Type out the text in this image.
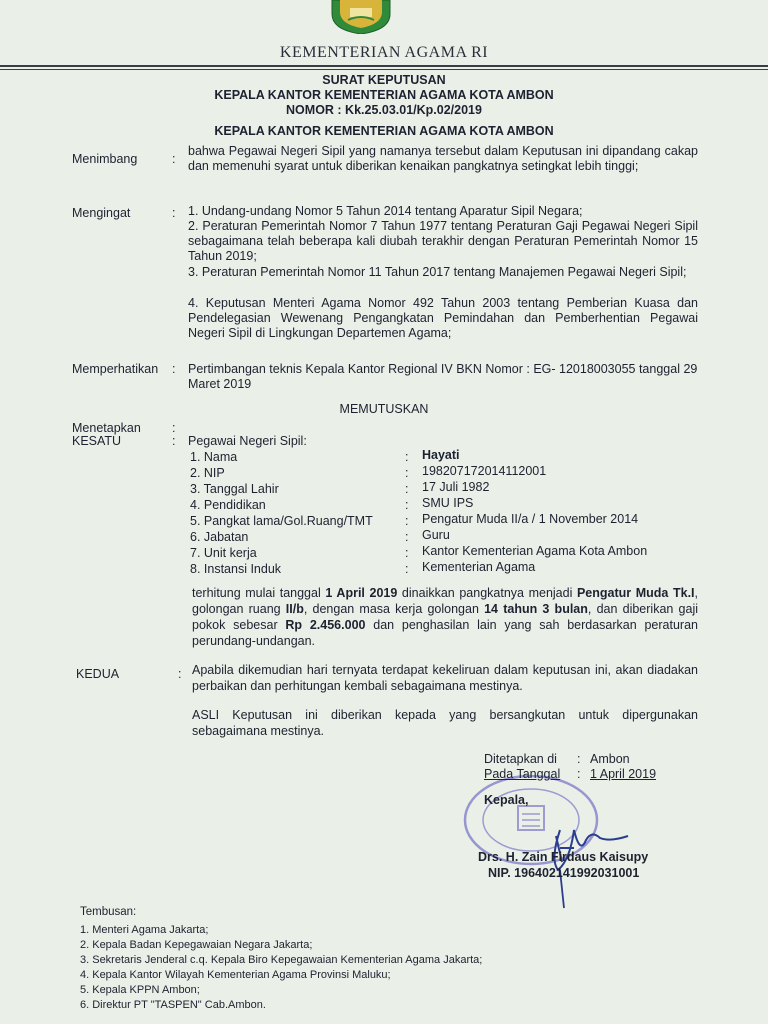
KEMENTERIAN AGAMA RI
SURAT KEPUTUSAN
KEPALA KANTOR KEMENTERIAN AGAMA KOTA AMBON
NOMOR : Kk.25.03.01/Kp.02/2019
KEPALA KANTOR KEMENTERIAN AGAMA KOTA AMBON
Menimbang	:
bahwa Pegawai Negeri Sipil yang namanya tersebut dalam Keputusan ini dipandang cakap dan memenuhi syarat untuk diberikan kenaikan pangkatnya setingkat lebih tinggi;
Mengingat	: 1. Undang-undang Nomor 5 Tahun 2014 tentang Aparatur Sipil Negara;
2. Peraturan Pemerintah Nomor 7 Tahun 1977 tentang Peraturan Gaji Pegawai Negeri Sipil sebagaimana telah beberapa kali diubah terakhir dengan Peraturan Pemerintah Nomor 15 Tahun 2019;
3. Peraturan Pemerintah Nomor 11 Tahun 2017 tentang Manajemen Pegawai Negeri Sipil;
4. Keputusan Menteri Agama Nomor 492 Tahun 2003 tentang Pemberian Kuasa dan Pendelegasian Wewenang Pengangkatan Pemindahan dan Pemberhentian Pegawai Negeri Sipil di Lingkungan Departemen Agama;
Memperhatikan : Pertimbangan teknis Kepala Kantor Regional IV BKN Nomor : EG- 12018003055 tanggal 29 Maret 2019
MEMUTUSKAN
Menetapkan :
KESATU	: Pegawai Negeri Sipil:
1. Nama	: Hayati
2. NIP	: 198207172014112001
3. Tanggal Lahir	: 17 Juli 1982
4. Pendidikan	: SMU IPS
5. Pangkat lama/Gol.Ruang/TMT	: Pengatur Muda II/a / 1 November 2014
6. Jabatan	: Guru
7. Unit kerja	: Kantor Kementerian Agama Kota Ambon
8. Instansi Induk	: Kementerian Agama
terhitung mulai tanggal 1 April 2019 dinaikkan pangkatnya menjadi Pengatur Muda Tk.I, golongan ruang II/b, dengan masa kerja golongan 14 tahun 3 bulan, dan diberikan gaji pokok sebesar Rp 2.456.000 dan penghasilan lain yang sah berdasarkan peraturan perundang-undangan.
KEDUA	: Apabila dikemudian hari ternyata terdapat kekeliruan dalam keputusan ini, akan diadakan perbaikan dan perhitungan kembali sebagaimana mestinya.
ASLI Keputusan ini diberikan kepada yang bersangkutan untuk dipergunakan sebagaimana mestinya.
Ditetapkan di : Ambon
Pada Tanggal : 1 April 2019
Kepala,
Drs. H. Zain Firdaus Kaisupy
NIP. 196402141992031001
Tembusan:
1. Menteri Agama Jakarta;
2. Kepala Badan Kepegawaian Negara Jakarta;
3. Sekretaris Jenderal c.q. Kepala Biro Kepegawaian Kementerian Agama Jakarta;
4. Kepala Kantor Wilayah Kementerian Agama Provinsi Maluku;
5. Kepala KPPN Ambon;
6. Direktur PT "TASPEN" Cab.Ambon.
